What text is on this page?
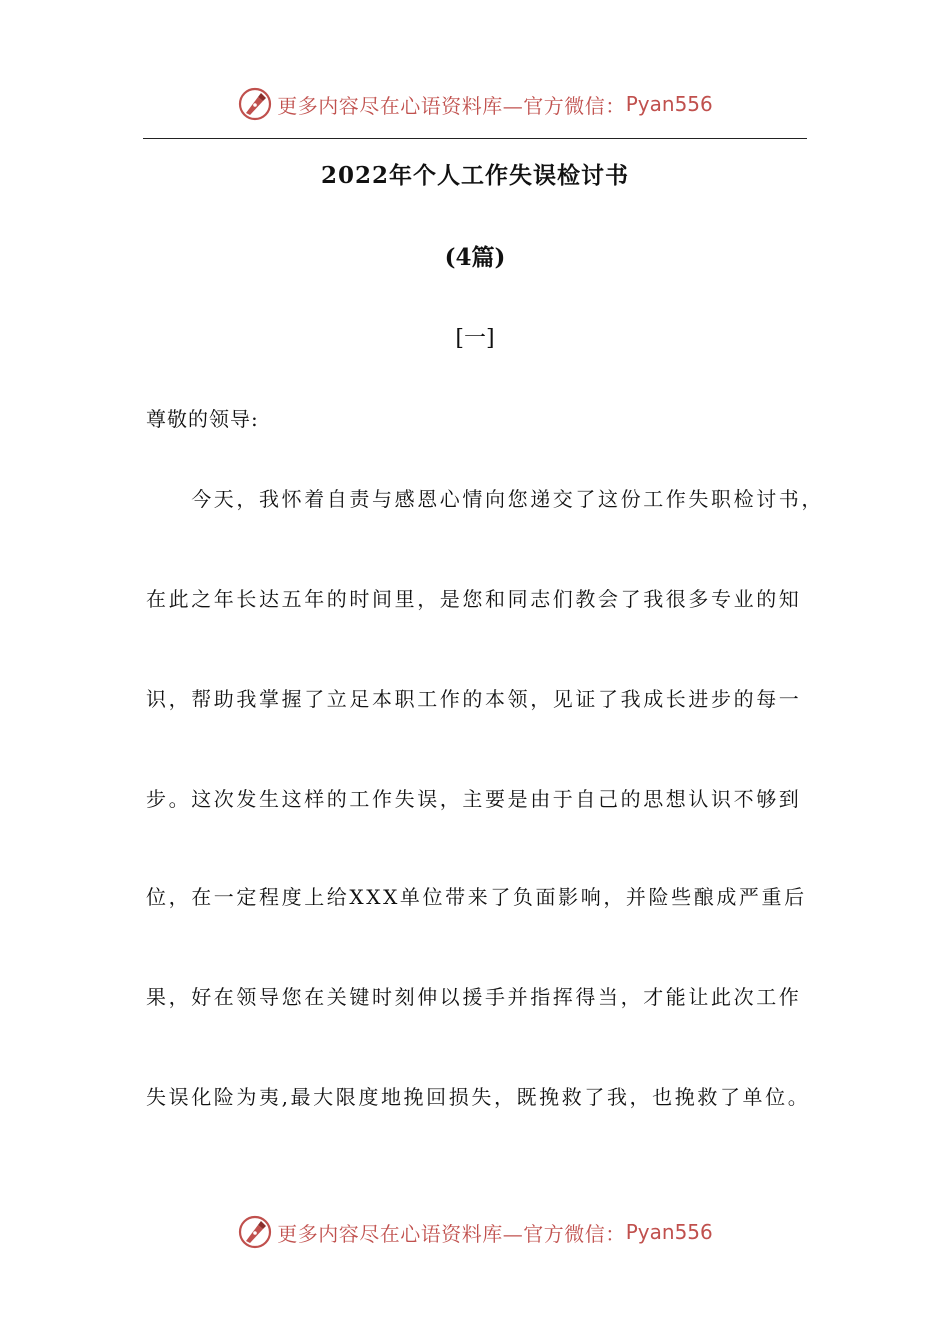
更多内容尽在心语资料库—官方微信： Pyan556
2022年个人工作失误检讨书
(4篇)
[一]
尊敬的领导:
　　今天，我怀着自责与感恩心情向您递交了这份工作失职检讨书，
在此之年长达五年的时间里，是您和同志们教会了我很多专业的知
识，帮助我掌握了立足本职工作的本领，见证了我成长进步的每一
步。这次发生这样的工作失误，主要是由于自己的思想认识不够到
位，在一定程度上给XXX单位带来了负面影响，并险些酿成严重后
果，好在领导您在关键时刻伸以援手并指挥得当，才能让此次工作
失误化险为夷,最大限度地挽回损失，既挽救了我，也挽救了单位。
更多内容尽在心语资料库—官方微信： Pyan556
